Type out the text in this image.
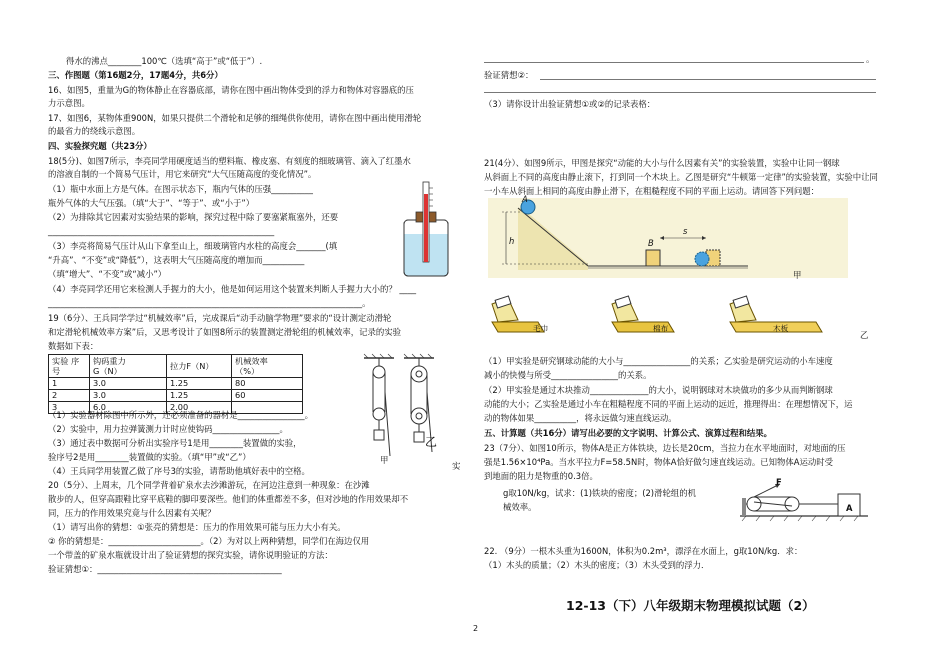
得水的沸点________100℃（选填“高于”或“低于”）.
三、作图题（第16题2分，17题4分，共6分）
16、如图5，重量为G的物体静止在容器底部，请你在图中画出物体受到的浮力和物体对容器底的压
力示意图。
17、如图6，某物体重900N，如果只提供二个滑轮和足够的细绳供你使用，请你在图中画出使用滑轮
的最省力的绕线示意图。
四、实验探究题（共23分）
18(5分)、如图7所示，李亮同学用硬度适当的塑料瓶、橡皮塞、有刻度的细玻璃管、滴入了红墨水
的溶液自制的一个简易气压计，用它来研究“大气压随高度的变化情况”。
（1）瓶中水面上方是气体。在图示状态下，瓶内气体的压强__________
瓶外气体的大气压强。（填“大于”、“等于”、或“小于”）
（2）为排除其它因素对实验结果的影响，探究过程中除了要塞紧瓶塞外，还要
______________________________________________________
（3）李亮将简易气压计从山下拿至山上，细玻璃管内水柱的高度会_______(填
“升高”、“不变”或“降低”），这表明大气压随高度的增加而__________
（填“增大”、“不变”或“减小”）
（4）李亮同学还用它来检测人手握力的大小，他是如何运用这个装置来判断人手握力大小的？ ____
___________________________________________________________________________。
19（6分）、王兵同学学过“机械效率”后，完成课后“动手动脑学物理”要求的“设计测定动滑轮
和定滑轮机械效率方案”后，又思考设计了如图8所示的装置测定滑轮组的机械效率，记录的实验
数据如下表：
实验 序号	钩码重力
G（N）	拉力F（N）	机械效率
（%）
1	3.0	1.25	80
2	3.0	1.25	60
3	6.0	2.00	
甲
乙
实
（1）实验器材除图中所示外，还必须准备的器材是________________。
（2）实验中，用力拉弹簧测力计时应使钩码________________。
（3）通过表中数据可分析出实验序号1是用________装置做的实验，
验序号2是用________装置做的实验。（填“甲”或“乙”）
（4）王兵同学用装置乙做了序号3的实验，请帮助他填好表中的空格。
20（5分）、上周末，几个同学背着矿泉水去沙滩游玩，在河边注意到一种现象：在沙滩
散步的人，但穿高跟鞋比穿平底鞋的脚印要深些。他们的体重都差不多，但对沙地的作用效果却不
同，压力的作用效果究竟与什么因素有关呢？
（1）请写出你的猜想：①张亮的猜想是：压力的作用效果可能与压力大小有关。
② 你的猜想是：______________________。（2）为对以上两种猜想，同学们在海边仅用
一个带盖的矿泉水瓶就设计出了验证猜想的探究实验，请你说明验证的方法：
验证猜想①：____________________________________________
。
验证猜想②：
（3）请你设计出验证猜想①或②的记录表格：
21(4分）、如图9所示，甲图是探究“动能的大小与什么因素有关”的实验装置，实验中让同一钢球
从斜面上不同的高度由静止滚下，打到同一个木块上。乙图是研究“牛顿第一定律”的实验装置，实验中让同
一小车从斜面上相同的高度由静止滑下，在粗糙程度不同的平面上运动。请回答下列问题：
A
h	B
s
甲
毛巾	棉布	木板
乙
（1）甲实验是研究钢球动能的大小与________________的关系；乙实验是研究运动的小车速度
减小的快慢与所受________________的关系。
（2）甲实验是通过木块推动______________的大小，说明钢球对木块做功的多少从而判断钢球
动能的大小；乙实验是通过小车在粗糙程度不同的平面上运动的远近，推理得出：在理想情况下，运
动的物体如果__________，将永远做匀速直线运动。
五、计算题（共16分）请写出必要的文字说明、计算公式、演算过程和结果。
23（7分）、如图10所示，物体A是正方体铁块，边长是20cm，当拉力在水平地面时，对地面的压
强是1.56×10⁴Pa。当水平拉力F=58.5N时，物体A恰好做匀速直线运动。已知物体A运动时受
到地面的阻力是物重的0.3倍。
g取10N/kg，试求：(1)铁块的密度；(2)滑轮组的机
械效率。
F
A
22. （9分）一根木头重为1600N，体积为0.2m³，漂浮在水面上，g取10N/kg．求：
（1）木头的质量；（2）木头的密度；（3）木头受到的浮力．
12-13（下）八年级期末物理模拟试题（2）
2
